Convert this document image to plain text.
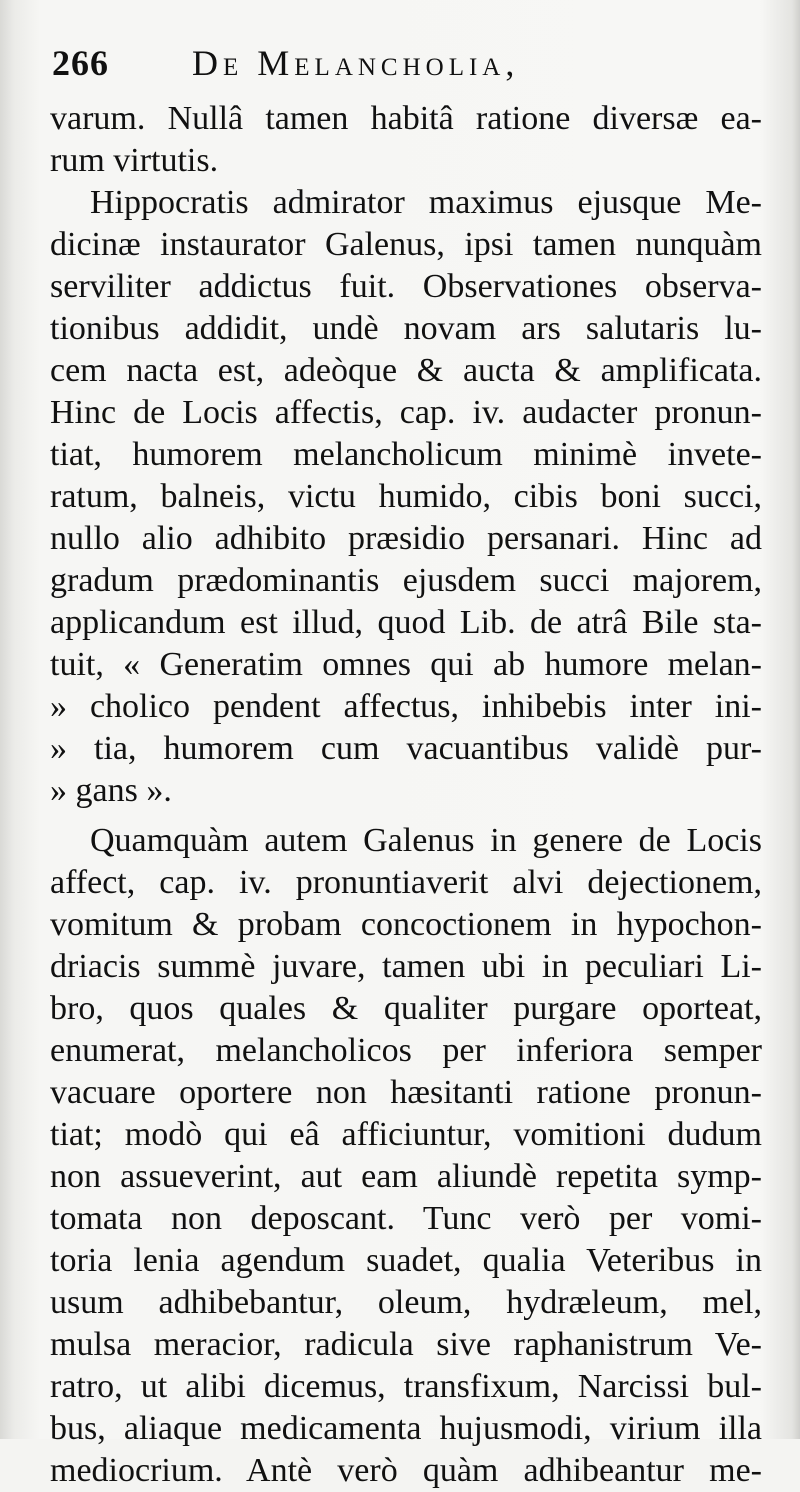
266 De Melancholia,
varum. Nullâ tamen habitâ ratione diversæ ea-
rum virtutis.
Hippocratis admirator maximus ejusque Me-
dicinæ instaurator Galenus, ipsi tamen nunquàm
serviliter addictus fuit. Observationes observa-
tionibus addidit, undè novam ars salutaris lu-
cem nacta est, adeòque & aucta & amplificata.
Hinc de Locis affectis, cap. iv. audacter pronun-
tiat, humorem melancholicum minimè invete-
ratum, balneis, victu humido, cibis boni succi,
nullo alio adhibito præsidio persanari. Hinc ad
gradum prædominantis ejusdem succi majorem,
applicandum est illud, quod Lib. de atrâ Bile sta-
tuit, « Generatim omnes qui ab humore melan-
» cholico pendent affectus, inhibebis inter ini-
» tia, humorem cum vacuantibus validè pur-
» gans ».
Quamquàm autem Galenus in genere de Locis
affect, cap. iv. pronuntiaverit alvi dejectionem,
vomitum & probam concoctionem in hypochon-
driacis summè juvare, tamen ubi in peculiari Li-
bro, quos quales & qualiter purgare oporteat,
enumerat, melancholicos per inferiora semper
vacuare oportere non hæsitanti ratione pronun-
tiat; modò qui eâ afficiuntur, vomitioni dudum
non assueverint, aut eam aliundè repetita symp-
tomata non deposcant. Tunc verò per vomi-
toria lenia agendum suadet, qualia Veteribus in
usum adhibebantur, oleum, hydræleum, mel,
mulsa meracior, radicula sive raphanistrum Ve-
ratro, ut alibi dicemus, transfixum, Narcissi bul-
bus, aliaque medicamenta hujusmodi, virium illa
mediocrium. Antè verò quàm adhibeantur me-
